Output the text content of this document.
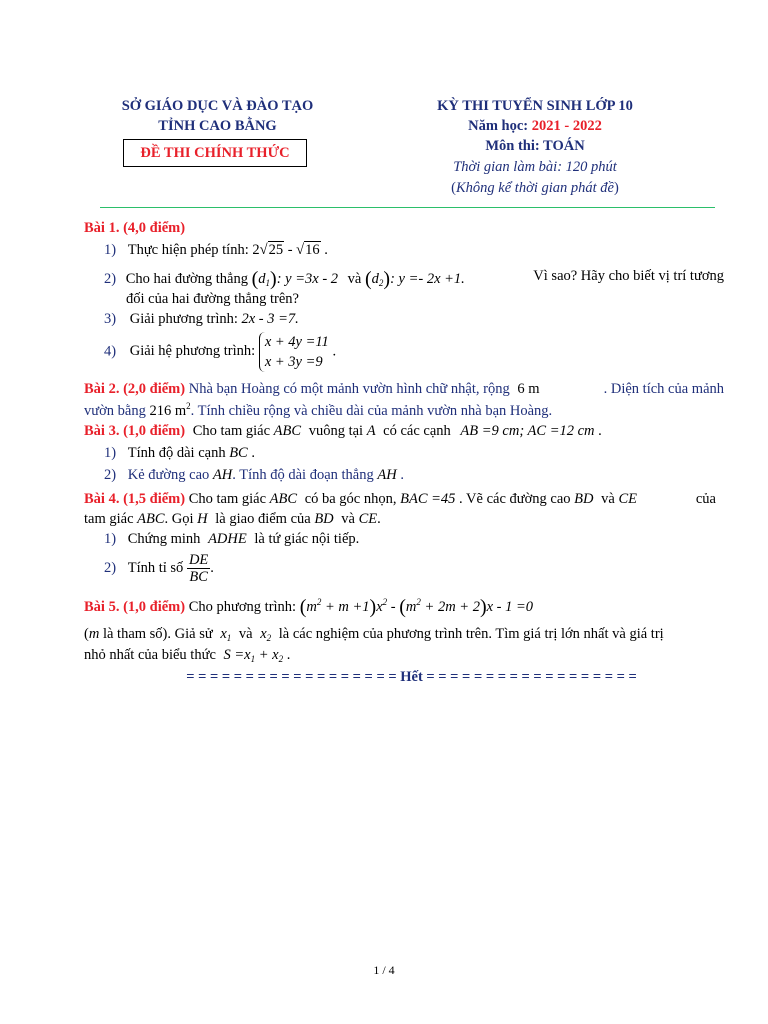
SỞ GIÁO DỤC VÀ ĐÀO TẠO
TỈNH CAO BẰNG
ĐỀ THI CHÍNH THỨC
KỲ THI TUYỂN SINH LỚP 10
Năm học: 2021 - 2022
Môn thi: TOÁN
Thời gian làm bài: 120 phút
(Không kể thời gian phát đề)
Bài 1. (4,0 điểm)
1) Thực hiện phép tính: 2√25 - √16 .
2) Cho hai đường thẳng $(d_1)$: y =3x - 2 và $(d_2)$: y =- 2x +1.	Vì sao? Hãy cho biết vị trí tương
đối của hai đường thẳng trên?
3) Giải phương trình: 2x - 3 =7.
4) Giải hệ phương trình: x + 4y =11
x + 3y =9 .
Bài 2. (2,0 điểm) Nhà bạn Hoàng có một mảnh vườn hình chữ nhật, rộng 6 m	. Diện tích của mảnh
vườn bằng 216 $m^2$. Tính chiều rộng và chiều dài của mảnh vườn nhà bạn Hoàng.
Bài 3. (1,0 điểm) Cho tam giác ABC vuông tại A có các cạnh AB =9 cm; AC =12 cm .
1) Tính độ dài cạnh BC .
2) Kẻ đường cao AH. Tính độ dài đoạn thẳng AH .
Bài 4. (1,5 điểm) Cho tam giác ABC có ba góc nhọn, BAC =45 . Vẽ các đường cao BD và CE	của
tam giác ABC. Gọi H là giao điểm của BD và CE.
1) Chứng minh ADHE là tứ giác nội tiếp.
2) Tính tỉ số $\frac{DE}{BC}$ .
Bài 5. (1,0 điểm) Cho phương trình: $(m^2 + m +1)x^2 - (m^2 + 2m + 2)x - 1 =0$
(m là tham số). Giả sử $x_1$ và $x_2$ là các nghiệm của phương trình trên. Tìm giá trị lớn nhất và giá trị
nhỏ nhất của biểu thức $S =x_1 + x_2$ .
= = = = = = = = = = = = = = = = = = Hết = = = = = = = = = = = = = = = = = =
1 / 4
